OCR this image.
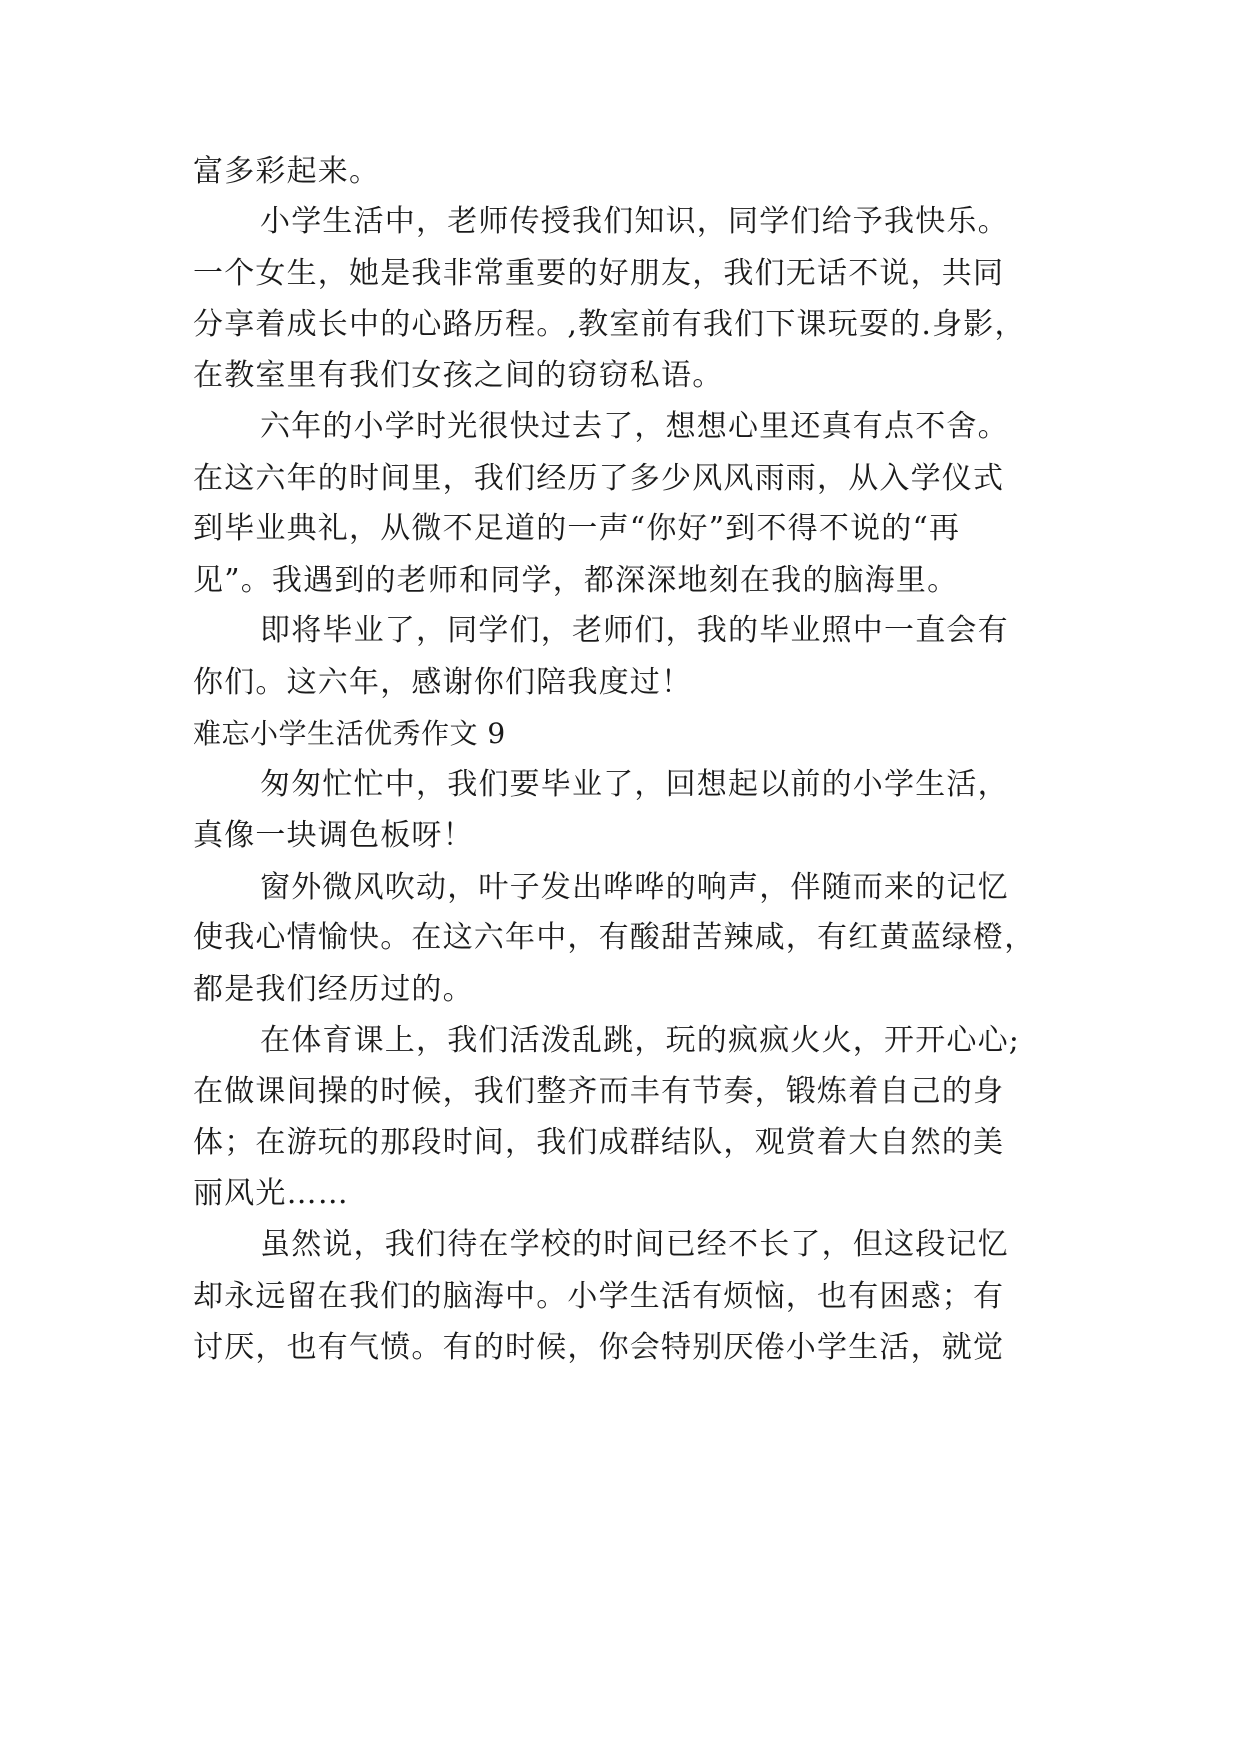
富多彩起来。
小学生活中，老师传授我们知识，同学们给予我快乐。
一个女生，她是我非常重要的好朋友，我们无话不说，共同
分享着成长中的心路历程。,教室前有我们下课玩耍的.身影，
在教室里有我们女孩之间的窃窃私语。
六年的小学时光很快过去了，想想心里还真有点不舍。
在这六年的时间里，我们经历了多少风风雨雨，从入学仪式
到毕业典礼，从微不足道的一声“你好”到不得不说的“再
见”。我遇到的老师和同学，都深深地刻在我的脑海里。
即将毕业了，同学们，老师们，我的毕业照中一直会有
你们。这六年，感谢你们陪我度过！
难忘小学生活优秀作文 9
匆匆忙忙中，我们要毕业了，回想起以前的小学生活，
真像一块调色板呀！
窗外微风吹动，叶子发出哗哗的响声，伴随而来的记忆
使我心情愉快。在这六年中，有酸甜苦辣咸，有红黄蓝绿橙，
都是我们经历过的。
在体育课上，我们活泼乱跳，玩的疯疯火火，开开心心;
在做课间操的时候，我们整齐而丰有节奏，锻炼着自己的身
体；在游玩的那段时间，我们成群结队，观赏着大自然的美
丽风光……
虽然说，我们待在学校的时间已经不长了，但这段记忆
却永远留在我们的脑海中。小学生活有烦恼，也有困惑；有
讨厌，也有气愤。有的时候，你会特别厌倦小学生活，就觉
